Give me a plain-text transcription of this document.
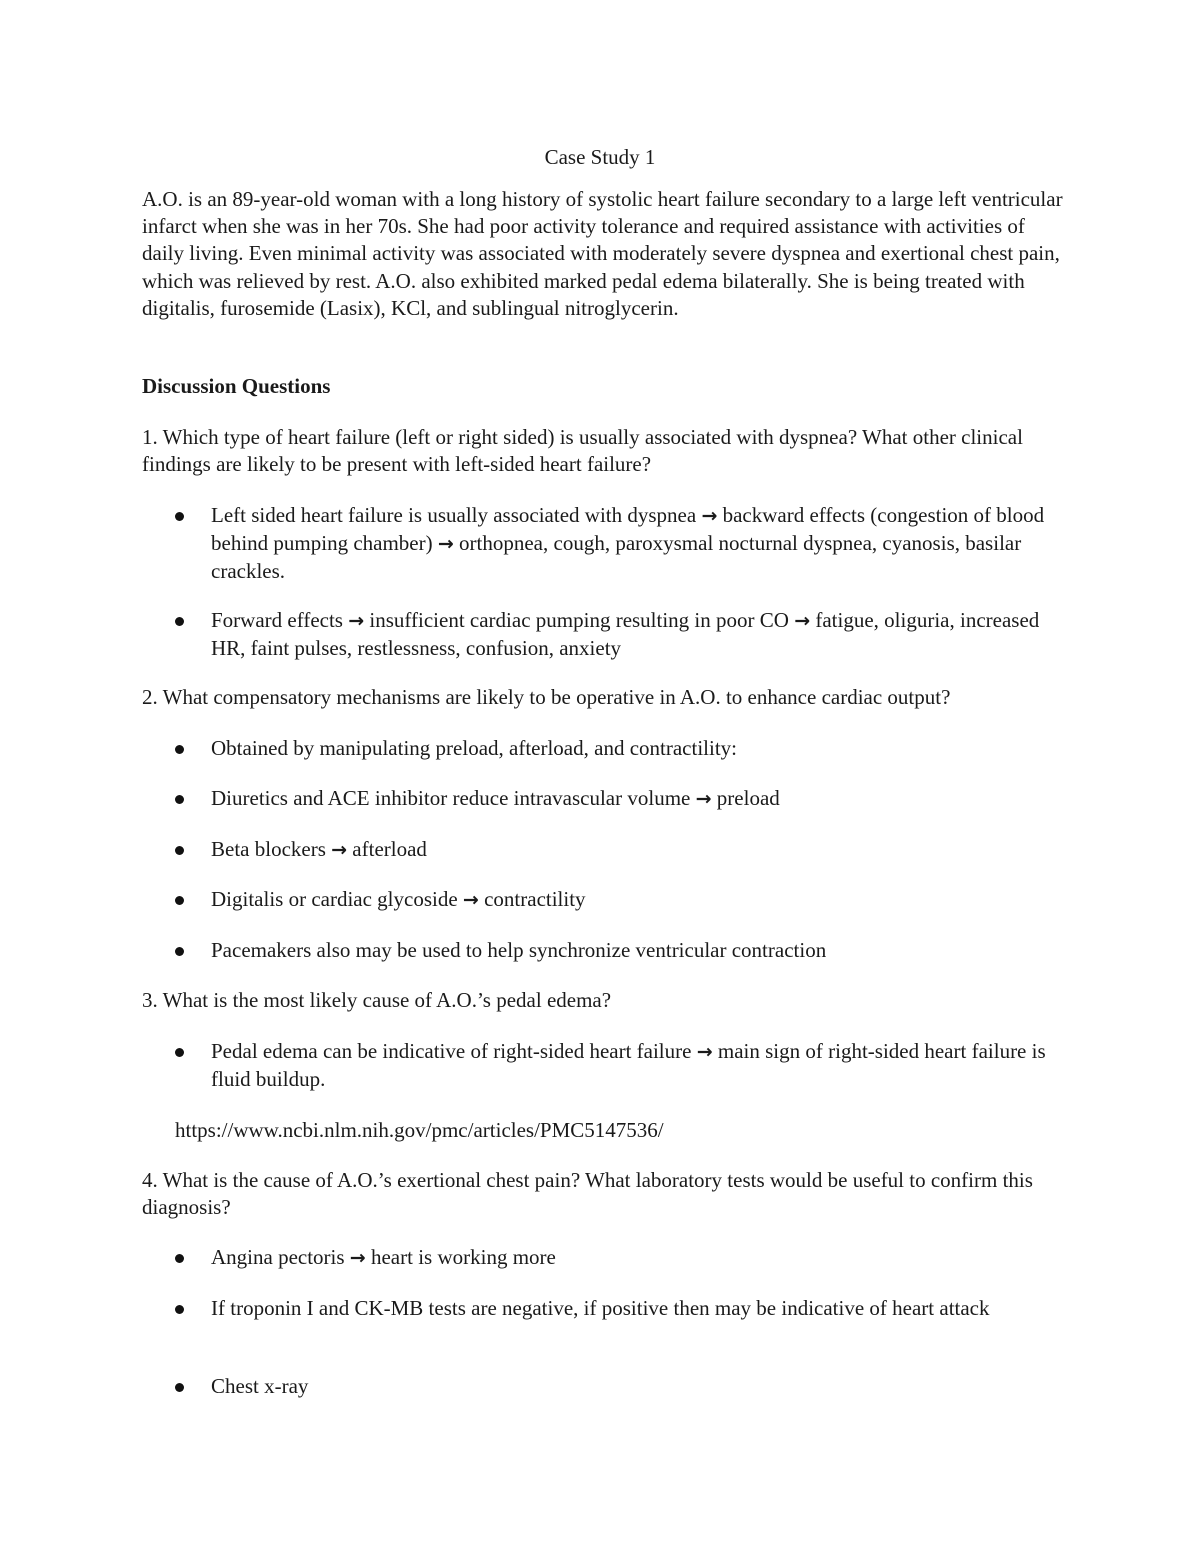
Case Study 1

A.O. is an 89-year-old woman with a long history of systolic heart failure secondary to a large left ventricular infarct when she was in her 70s. She had poor activity tolerance and required assistance with activities of daily living. Even minimal activity was associated with moderately severe dyspnea and exertional chest pain, which was relieved by rest. A.O. also exhibited marked pedal edema bilaterally. She is being treated with digitalis, furosemide (Lasix), KCl, and sublingual nitroglycerin.

Discussion Questions

1. Which type of heart failure (left or right sided) is usually associated with dyspnea? What other clinical findings are likely to be present with left-sided heart failure?

Left sided heart failure is usually associated with dyspnea → backward effects (congestion of blood behind pumping chamber) → orthopnea, cough, paroxysmal nocturnal dyspnea, cyanosis, basilar crackles.
Forward effects → insufficient cardiac pumping resulting in poor CO → fatigue, oliguria, increased HR, faint pulses, restlessness, confusion, anxiety

2. What compensatory mechanisms are likely to be operative in A.O. to enhance cardiac output?

Obtained by manipulating preload, afterload, and contractility:
Diuretics and ACE inhibitor reduce intravascular volume → preload
Beta blockers → afterload
Digitalis or cardiac glycoside → contractility
Pacemakers also may be used to help synchronize ventricular contraction

3. What is the most likely cause of A.O.’s pedal edema?

Pedal edema can be indicative of right-sided heart failure → main sign of right-sided heart failure is fluid buildup.

https://www.ncbi.nlm.nih.gov/pmc/articles/PMC5147536/

4. What is the cause of A.O.’s exertional chest pain? What laboratory tests would be useful to confirm this diagnosis?

Angina pectoris → heart is working more
If troponin I and CK-MB tests are negative, if positive then may be indicative of heart attack
Chest x-ray
